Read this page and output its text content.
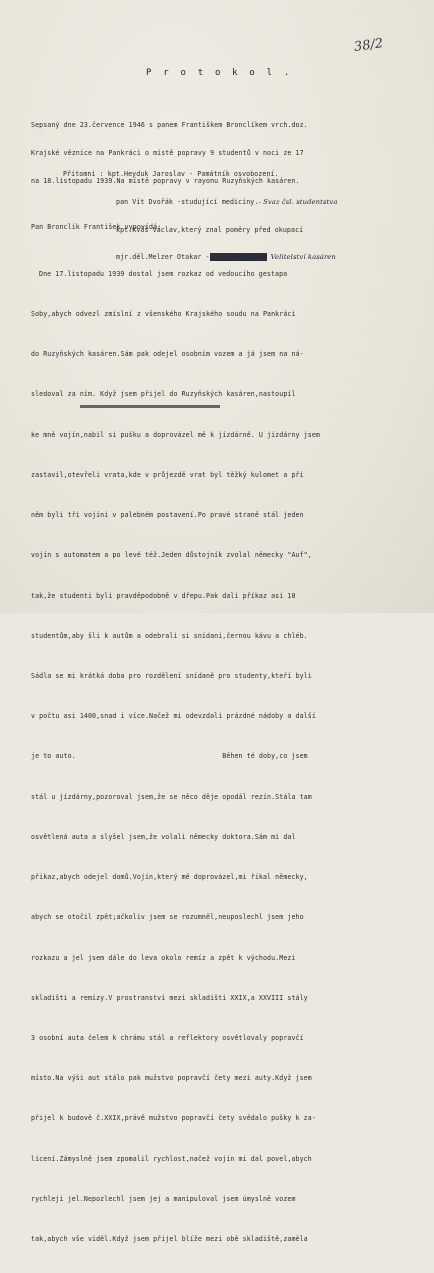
38/2
P r o t o k o l .

Sepsaný dne 23.července 1946 s panem Františkem Bronclíkem vrch.doz.

Krajské věznice na Pankráci o místě popravy 9 studentů v noci ze 17

na 18.listopadu 1939.Na místě popravy v rayonu Ruzyňských kasáren.

Přítomni : kpt.Heyduk Jaroslav - Památník osvobození.

pan Vít Dvořák -studující medicíny.- Svaz čsl. studentstva

kpt.Kváš Václav,který znal poměry před okupací

mjr.děl.Melzer Otakar -xxxxxxxxxxxxxx Velitelství kasáren

Pan Bronclík František vypovídá:

Dne 17.listopadu 1939 dostal jsem rozkaz od vedoucího gestapa

Soby,abych odvezl zmíslní z všenského Krajského soudu na Pankráci

do Ruzyňských kasáren.Sám pak odejel osobním vozem a já jsem na ná-

sledoval za ním. Když jsem přijel do Ruzyňských kasáren,nastoupil

ke mně vojín,nabil si pušku a doprovázel mě k jízdárně. U jízdárny jsem

zastavil,otevřeli vrata,kde v průjezdě vrat byl těžký kulomet a při

něm byli tři vojíni v palebném postavení.Po pravé straně stál jeden

vojín s automatem a po levé též.Jeden důstojník zvolal německy "Auf",

tak,že studenti byli pravděpodobně v dřepu.Pak dali příkaz asi 10

studentům,aby šli k autům a odebrali si snídani,černou kávu a chléb.

Sádla se mi krátká doba pro rozdělení snídaně pro studenty,kteří byli

v počtu asi 1400,snad i více.Načež mi odevzdali prázdné nádoby a další

je to auto.                                    Běhen té doby,co jsem

stál u jízdárny,pozoroval jsem,že se něco děje opodál rezín.Stála tam

osvětlená auta a slyšel jsem,že volali německy doktora.Sám mi dal

příkaz,abych odejel domů.Vojín,který mě doprovázel,mi říkal německy,

abych se otočil zpět;ačkoliv jsem se rozumněl,neuposlechl jsem jeho

rozkazu a jel jsem dále do leva okolo remíz a zpět k východu.Mezi

skladišti a remízy.V prostranství mezi skladišti XXIX,a XXVIII stály

3 osobní auta čelem k chrámu stál a reflektory osvětlovaly popravčí

místo.Na výši aut stálo pak mužstvo popravčí čety mezi auty.Když jsem

přijel k budově č.XXIX,právě mužstvo popravčí čety svědalo pušky k za-

lícení.Zámyslně jsem zpomalil rychlost,načež vojín mi dal povel,abych

rychleji jel.Nepozlechl jsem jej a manipuloval jsem úmyslně vozem

tak,abych vše viděl.Když jsem přijel blíže mezi obě skladiště,zaměla
